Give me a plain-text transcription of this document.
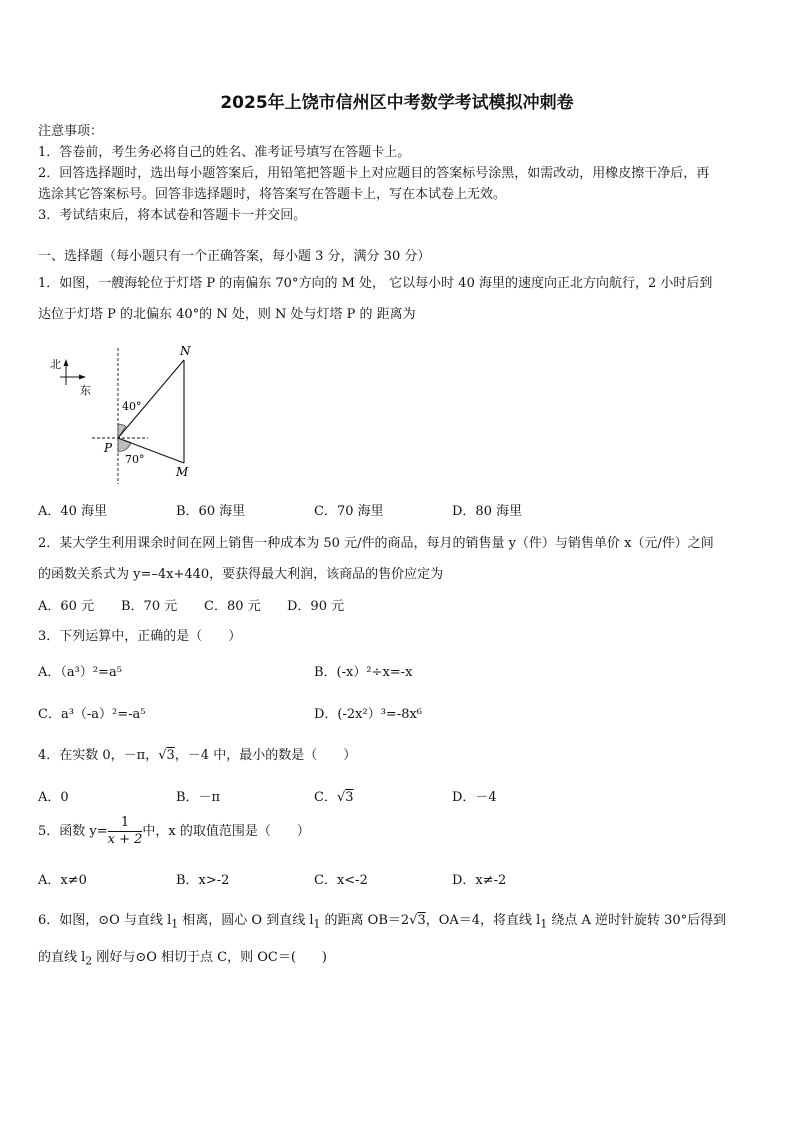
2025年上饶市信州区中考数学考试模拟冲刺卷
注意事项：
1．答卷前，考生务必将自己的姓名、准考证号填写在答题卡上。
2．回答选择题时，选出每小题答案后，用铅笔把答题卡上对应题目的答案标号涂黑，如需改动，用橡皮擦干净后，再
选涂其它答案标号。回答非选择题时，将答案写在答题卡上，写在本试卷上无效。
3．考试结束后，将本试卷和答题卡一并交回。
一、选择题（每小题只有一个正确答案，每小题 3 分，满分 30 分）
1．如图，一艘海轮位于灯塔 P 的南偏东 70°方向的 M 处， 它以每小时 40 海里的速度向正北方向航行，2 小时后到
达位于灯塔 P 的北偏东 40°的 N 处，则 N 处与灯塔 P 的 距离为
北
东
N
P
M
40°
70°
A．40 海里	B．60 海里	C．70 海里	D．80 海里
2．某大学生利用课余时间在网上销售一种成本为 50 元/件的商品，每月的销售量 y（件）与销售单价 x（元/件）之间
的函数关系式为 y=–4x+440，要获得最大利润，该商品的售价应定为
A．60 元 B．70 元 C．80 元 D．90 元
3．下列运算中，正确的是（　　）
A．（a³）²=a⁵	B．(-x）²÷x=-x
C．a³（-a）²=-a⁵	D．(-2x²）³=-8x⁶
4．在实数 0，－π，√3，－4 中，最小的数是（　　）
A．0	B．－π	C．√3	D．－4
5．函数 $y= \frac{1}{x + 2}$ 中，x 的取值范围是（　　）
A．x≠0	B．x>-2	C．x<-2	D．x≠-2
6．如图，⊙O 与直线 $l_1$ 相离，圆心 O 到直线 $l_1$ 的距离 OB＝2√3，OA＝4，将直线 $l_1$ 绕点 A 逆时针旋转 30°后得到
的直线 $l_2$ 刚好与⊙O 相切于点 C，则 OC＝(　　)
